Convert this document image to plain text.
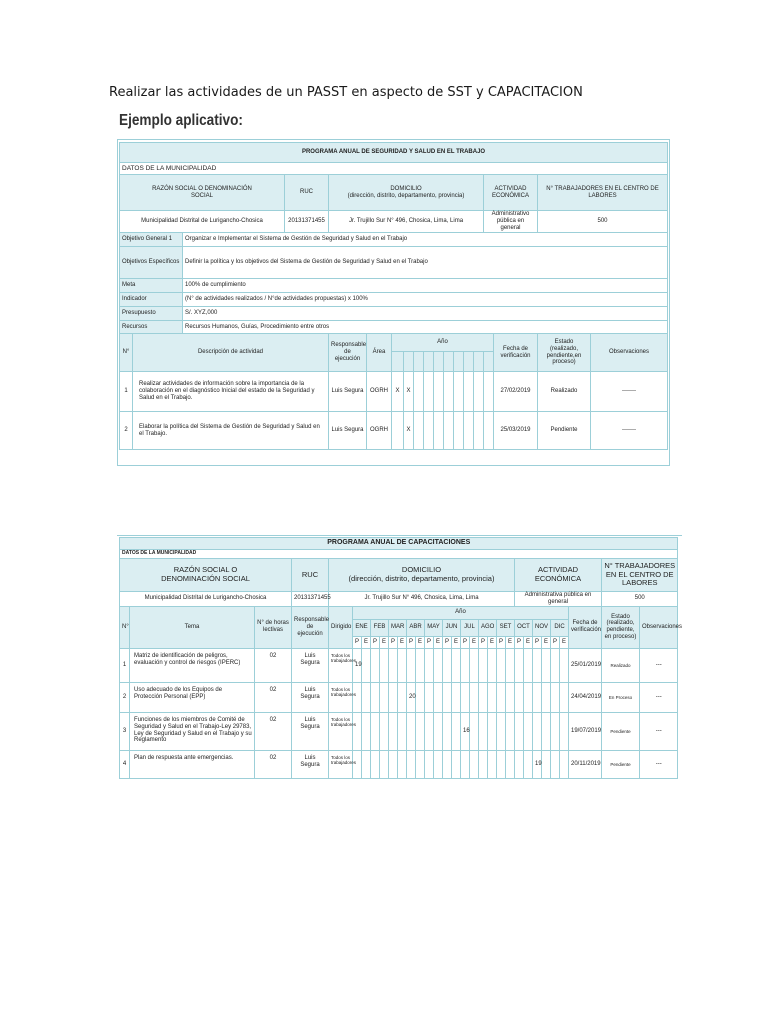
Realizar las actividades de un PASST en aspecto de SST y CAPACITACION
Ejemplo aplicativo:
PROGRAMA ANUAL DE SEGURIDAD Y SALUD EN EL TRABAJO																		
DATOS DE LA MUNICIPALIDAD																		
RAZÓN SOCIAL O DENOMINACIÓN SOCIAL			RUC	DOMICILIO
(dirección, distrito, departamento, provincia)											ACTIVIDAD ECONÓMICA		N° TRABAJADORES EN EL CENTRO DE LABORES	
Municipalidad Distrital de Lurigancho-Chosica			20131371455	Jr. Trujillo Sur N° 496, Chosica, Lima, Lima											Administrativo pública en general		500	
Objetivo General 1		Organizar e Implementar el Sistema de Gestión de Seguridad y Salud en el Trabajo																
Objetivos Específicos		Definir la política y los objetivos del Sistema de Gestión de Seguridad y Salud en el Trabajo																
Meta		100% de cumplimiento																
Indicador		(N° de actividades realizados / N°de actividades propuestas) x 100%																
Presupuesto		S/. XYZ,000																
Recursos		Recursos Humanos, Guías, Procedimiento entre otros																
N°	Descripción de actividad			Responsable de ejecución	Área	Año										Fecha de verificación	Estado (realizado, pendiente,en proceso)	Observaciones

1	Realizar actividades de información sobre la importancia de la colaboración en el diagnóstico Inicial del estado de la Seguridad y Salud en el Trabajo.			Luis Segura	OGRH	X	X									27/02/2019	Realizado	-------
2	Elaborar la política del Sistema de Gestión de Seguridad y Salud en el Trabajo.			Luis Segura	OGRH		X									25/03/2019	Pendiente	-------
PROGRAMA ANUAL DE CAPACITACIONES																															
DATOS DE LA MUNICIPALIDAD																															
RAZÓN SOCIAL O DENOMINACIÓN SOCIAL			RUC	DOMICILIO
(dirección, distrito, departamento, provincia)																			ACTIVIDAD ECONÓMICA							N° TRABAJADORES EN EL CENTRO DE LABORES	
Municipalidad Distrital de Lurigancho-Chosica			20131371455	Jr. Trujillo Sur N° 496, Chosica, Lima, Lima																			Administrativa pública en general							500	
N°	Tema	N° de horas lectivas	Responsable de ejecución	Dirigido	Año																								Fecha de verificación	Estado (realizado, pendiente, en proceso)	Observaciones
					ENE		FEB		MAR		ABR		MAY		JUN		JUL		AGO		SET		OCT		NOV		DIC				
					P	E	P	E	P	E	P	E	P	E	P	E	P	E	P	E	P	E	P	E	P	E	P	E			
1	Matriz de identificación de peligros, evaluación y control de riesgos (IPERC)	02	Luis Segura	Todos los trabajadores	19																								25/01/2019	Realizado	---
2	Uso adecuado de los Equipos de Protección Personal (EPP)	02	Luis Segura	Todos los trabajadores							20																		24/04/2019	En Proceso	---
3	Funciones de los miembros de Comité de Seguridad y Salud en el Trabajo-Ley 29783, Ley de Seguridad y Salud en el Trabajo y su Reglamento	02	Luis Segura	Todos los trabajadores													16												19/07/2019	Pendiente	---
4	Plan de respuesta ante emergencias.	02	Luis Segura	Todos los trabajadores																					19				20/11/2019	Pendiente	---
